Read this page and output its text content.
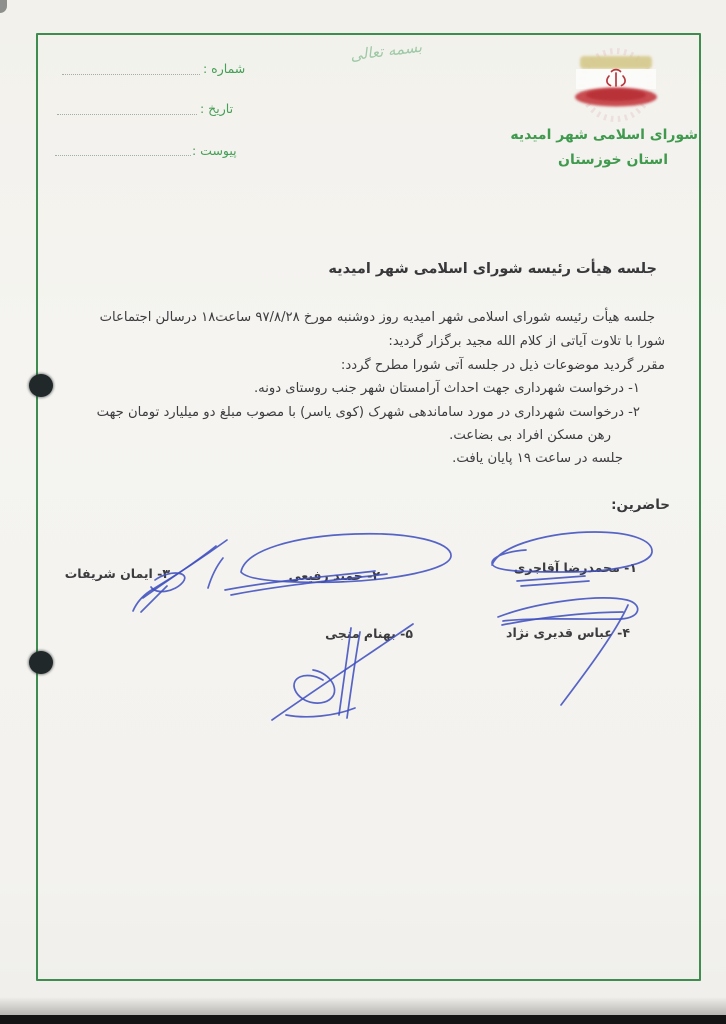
بسمه تعالی
شماره :
تاریخ :
پیوست :
شورای اسلامی شهر امیدیه
استان خوزستان
جلسه هیأت رئیسه شورای اسلامی شهر امیدیه
جلسه هیأت رئیسه شورای اسلامی شهر امیدیه روز دوشنبه مورخ ۹۷/۸/۲۸ ساعت۱۸ درسالن اجتماعات
شورا با تلاوت آیاتی از کلام الله مجید برگزار گردید:
مقرر گردید موضوعات ذیل در جلسه آتی شورا مطرح گردد:
۱- درخواست شهرداری جهت احداث آرامستان شهر جنب روستای دونه.
۲- درخواست شهرداری در مورد ساماندهی شهرک (کوی یاسر) با مصوب مبلغ دو میلیارد تومان جهت
رهن مسکن افراد بی بضاعت.
جلسه در ساعت ۱۹ پایان یافت.
حاضرین:
۱- محمدرضا آقاجری
۲- حمید رفیعی
۳- ایمان شریفات
۴- عباس قدیری نژاد
۵- بهنام منجی
